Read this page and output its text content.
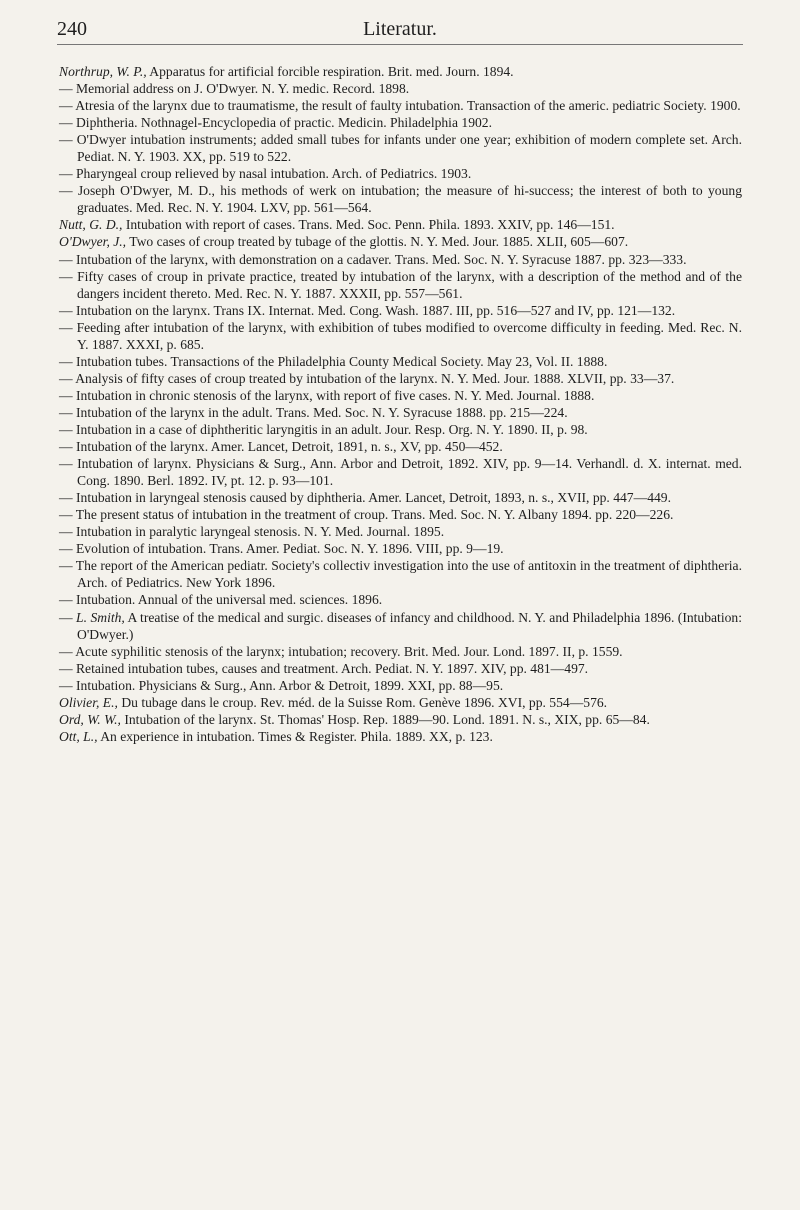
240	Literatur.

Northrup, W. P., Apparatus for artificial forcible respiration. Brit. med. Journ. 1894.

— Memorial address on J. O'Dwyer. N. Y. medic. Record. 1898.

— Atresia of the larynx due to traumatisme, the result of faulty intubation. Transaction of the americ. pediatric Society. 1900.

— Diphtheria. Nothnagel-Encyclopedia of practic. Medicin. Philadelphia 1902.

— O'Dwyer intubation instruments; added small tubes for infants under one year; exhibition of modern complete set. Arch. Pediat. N. Y. 1903. XX, pp. 519 to 522.

— Pharyngeal croup relieved by nasal intubation. Arch. of Pediatrics. 1903.

— Joseph O'Dwyer, M. D., his methods of werk on intubation; the measure of hi-success; the interest of both to young graduates. Med. Rec. N. Y. 1904. LXV, pp. 561—564.

Nutt, G. D., Intubation with report of cases. Trans. Med. Soc. Penn. Phila. 1893. XXIV, pp. 146—151.

O'Dwyer, J., Two cases of croup treated by tubage of the glottis. N. Y. Med. Jour. 1885. XLII, 605—607.

— Intubation of the larynx, with demonstration on a cadaver. Trans. Med. Soc. N. Y. Syracuse 1887. pp. 323—333.

— Fifty cases of croup in private practice, treated by intubation of the larynx, with a description of the method and of the dangers incident thereto. Med. Rec. N. Y. 1887. XXXII, pp. 557—561.

— Intubation on the larynx. Trans IX. Internat. Med. Cong. Wash. 1887. III, pp. 516—527 and IV, pp. 121—132.

— Feeding after intubation of the larynx, with exhibition of tubes modified to overcome difficulty in feeding. Med. Rec. N. Y. 1887. XXXI, p. 685.

— Intubation tubes. Transactions of the Philadelphia County Medical Society. May 23, Vol. II. 1888.

— Analysis of fifty cases of croup treated by intubation of the larynx. N. Y. Med. Jour. 1888. XLVII, pp. 33—37.

— Intubation in chronic stenosis of the larynx, with report of five cases. N. Y. Med. Journal. 1888.

— Intubation of the larynx in the adult. Trans. Med. Soc. N. Y. Syracuse 1888. pp. 215—224.

— Intubation in a case of diphtheritic laryngitis in an adult. Jour. Resp. Org. N. Y. 1890. II, p. 98.

— Intubation of the larynx. Amer. Lancet, Detroit, 1891, n. s., XV, pp. 450—452.

— Intubation of larynx. Physicians & Surg., Ann. Arbor and Detroit, 1892. XIV, pp. 9—14. Verhandl. d. X. internat. med. Cong. 1890. Berl. 1892. IV, pt. 12. p. 93—101.

— Intubation in laryngeal stenosis caused by diphtheria. Amer. Lancet, Detroit, 1893, n. s., XVII, pp. 447—449.

— The present status of intubation in the treatment of croup. Trans. Med. Soc. N. Y. Albany 1894. pp. 220—226.

— Intubation in paralytic laryngeal stenosis. N. Y. Med. Journal. 1895.

— Evolution of intubation. Trans. Amer. Pediat. Soc. N. Y. 1896. VIII, pp. 9—19.

— The report of the American pediatr. Society's collectiv investigation into the use of antitoxin in the treatment of diphtheria. Arch. of Pediatrics. New York 1896.

— Intubation. Annual of the universal med. sciences. 1896.

— L. Smith, A treatise of the medical and surgic. diseases of infancy and childhood. N. Y. and Philadelphia 1896. (Intubation: O'Dwyer.)

— Acute syphilitic stenosis of the larynx; intubation; recovery. Brit. Med. Jour. Lond. 1897. II, p. 1559.

— Retained intubation tubes, causes and treatment. Arch. Pediat. N. Y. 1897. XIV, pp. 481—497.

— Intubation. Physicians & Surg., Ann. Arbor & Detroit, 1899. XXI, pp. 88—95.

Olivier, E., Du tubage dans le croup. Rev. méd. de la Suisse Rom. Genève 1896. XVI, pp. 554—576.

Ord, W. W., Intubation of the larynx. St. Thomas' Hosp. Rep. 1889—90. Lond. 1891. N. s., XIX, pp. 65—84.

Ott, L., An experience in intubation. Times & Register. Phila. 1889. XX, p. 123.
